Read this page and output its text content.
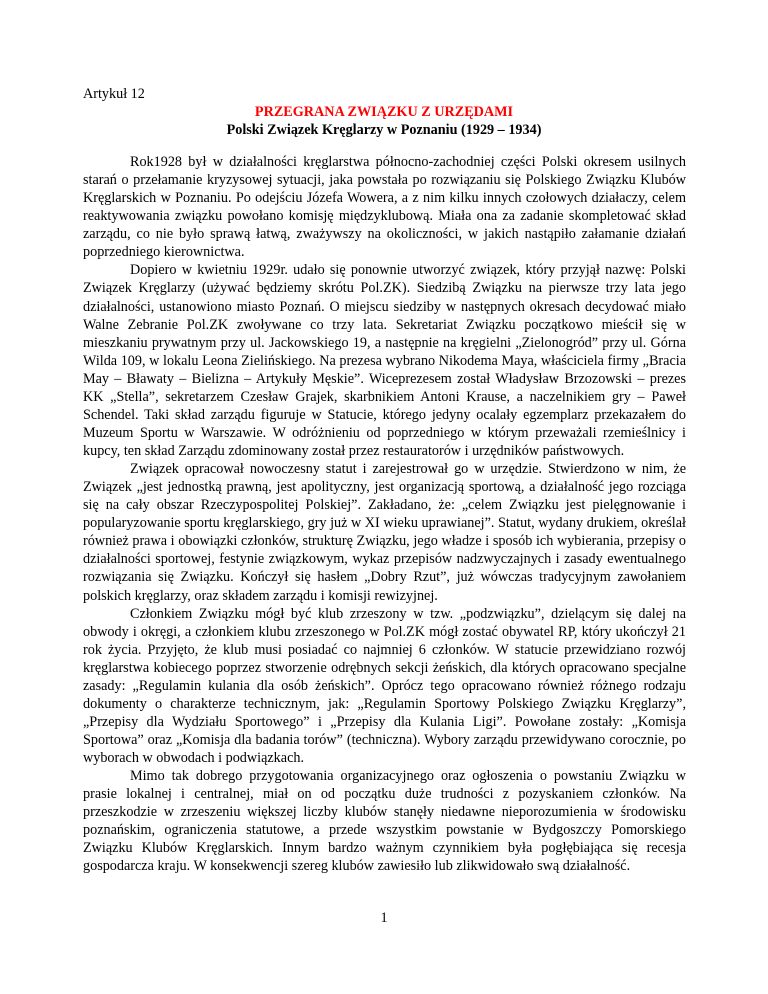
Artykuł 12
PRZEGRANA ZWIĄZKU Z URZĘDAMI
Polski Związek Kręglarzy w Poznaniu (1929 – 1934)

Rok1928 był w działalności kręglarstwa północno-zachodniej części Polski okresem usilnych starań o przełamanie kryzysowej sytuacji, jaka powstała po rozwiązaniu się Polskiego Związku Klubów Kręglarskich w Poznaniu. Po odejściu Józefa Wowera, a z nim kilku innych czołowych działaczy, celem reaktywowania związku powołano komisję międzyklubową. Miała ona za zadanie skompletować skład zarządu, co nie było sprawą łatwą, zważywszy na okoliczności, w jakich nastąpiło załamanie działań poprzedniego kierownictwa.

Dopiero w kwietniu 1929r. udało się ponownie utworzyć związek, który przyjął nazwę: Polski Związek Kręglarzy (używać będziemy skrótu Pol.ZK). Siedzibą Związku na pierwsze trzy lata jego działalności, ustanowiono miasto Poznań. O miejscu siedziby w następnych okresach decydować miało Walne Zebranie Pol.ZK zwoływane co trzy lata. Sekretariat Związku początkowo mieścił się w mieszkaniu prywatnym przy ul. Jackowskiego 19, a następnie na kręgielni „Zielonogród” przy ul. Górna Wilda 109, w lokalu Leona Zielińskiego. Na prezesa wybrano Nikodema Maya, właściciela firmy „Bracia May – Bławaty – Bielizna – Artykuły Męskie”. Wiceprezesem został Władysław Brzozowski – prezes KK „Stella”, sekretarzem Czesław Grajek, skarbnikiem Antoni Krause, a naczelnikiem gry – Paweł Schendel. Taki skład zarządu figuruje w Statucie, którego jedyny ocalały egzemplarz przekazałem do Muzeum Sportu w Warszawie. W odróżnieniu od poprzedniego w którym przeważali rzemieślnicy i kupcy, ten skład Zarządu zdominowany został przez restauratorów i urzędników państwowych.

Związek opracował nowoczesny statut i zarejestrował go w urzędzie. Stwierdzono w nim, że Związek „jest jednostką prawną, jest apolityczny, jest organizacją sportową, a działalność jego rozciąga się na cały obszar Rzeczypospolitej Polskiej”. Zakładano, że: „celem Związku jest pielęgnowanie i popularyzowanie sportu kręglarskiego, gry już w XI wieku uprawianej”. Statut, wydany drukiem, określał również prawa i obowiązki członków, strukturę Związku, jego władze i sposób ich wybierania, przepisy o działalności sportowej, festynie związkowym, wykaz przepisów nadzwyczajnych i zasady ewentualnego rozwiązania się Związku. Kończył się hasłem „Dobry Rzut”, już wówczas tradycyjnym zawołaniem polskich kręglarzy, oraz składem zarządu i komisji rewizyjnej.

Członkiem Związku mógł być klub zrzeszony w tzw. „podzwiązku”, dzielącym się dalej na obwody i okręgi, a członkiem klubu zrzeszonego w Pol.ZK mógł zostać obywatel RP, który ukończył 21 rok życia. Przyjęto, że klub musi posiadać co najmniej 6 członków. W statucie przewidziano rozwój kręglarstwa kobiecego poprzez stworzenie odrębnych sekcji żeńskich, dla których opracowano specjalne zasady: „Regulamin kulania dla osób żeńskich”. Oprócz tego opracowano również różnego rodzaju dokumenty o charakterze technicznym, jak: „Regulamin Sportowy Polskiego Związku Kręglarzy”, „Przepisy dla Wydziału Sportowego” i „Przepisy dla Kulania Ligi”. Powołane zostały: „Komisja Sportowa” oraz „Komisja dla badania torów” (techniczna). Wybory zarządu przewidywano corocznie, po wyborach w obwodach i podwiązkach.

Mimo tak dobrego przygotowania organizacyjnego oraz ogłoszenia o powstaniu Związku w prasie lokalnej i centralnej, miał on od początku duże trudności z pozyskaniem członków. Na przeszkodzie w zrzeszeniu większej liczby klubów stanęły niedawne nieporozumienia w środowisku poznańskim, ograniczenia statutowe, a przede wszystkim powstanie w Bydgoszczy Pomorskiego Związku Klubów Kręglarskich. Innym bardzo ważnym czynnikiem była pogłębiająca się recesja gospodarcza kraju. W konsekwencji szereg klubów zawiesiło lub zlikwidowało swą działalność.

1
